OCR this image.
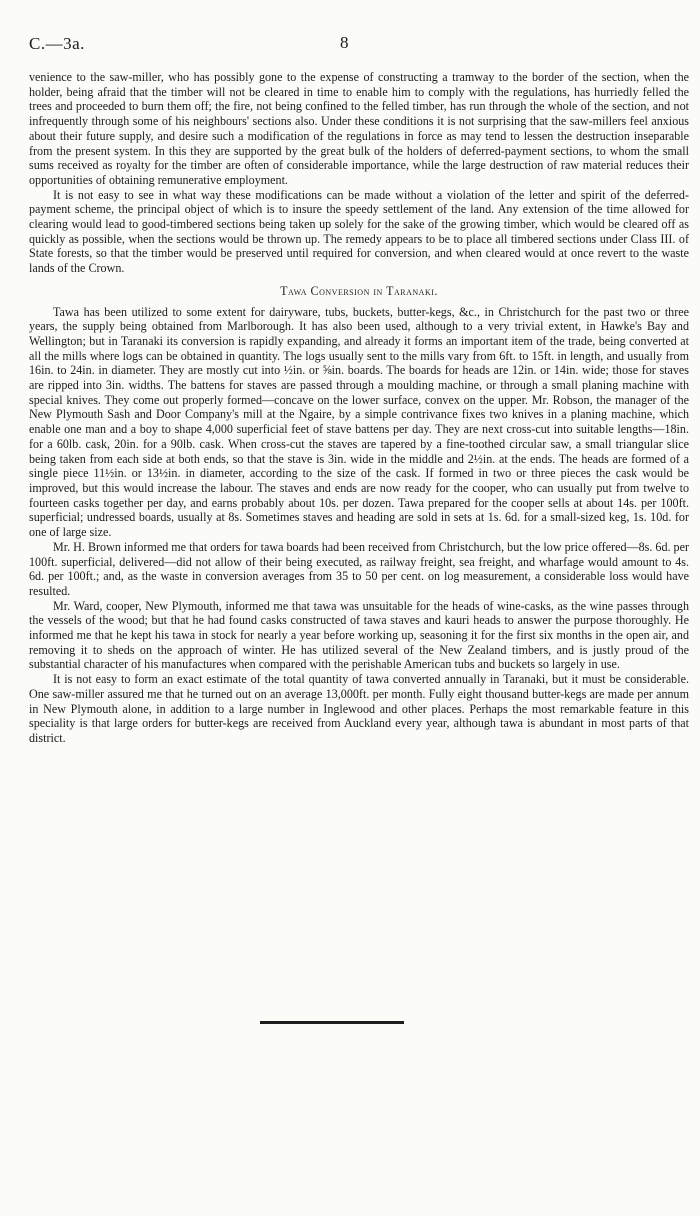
C.—3a.	8

venience to the saw-miller, who has possibly gone to the expense of constructing a tramway to the border of the section, when the holder, being afraid that the timber will not be cleared in time to enable him to comply with the regulations, has hurriedly felled the trees and proceeded to burn them off; the fire, not being confined to the felled timber, has run through the whole of the section, and not infrequently through some of his neighbours' sections also. Under these conditions it is not surprising that the saw-millers feel anxious about their future supply, and desire such a modification of the regulations in force as may tend to lessen the destruction inseparable from the present system. In this they are supported by the great bulk of the holders of deferred-payment sections, to whom the small sums received as royalty for the timber are often of considerable importance, while the large destruction of raw material reduces their opportunities of obtaining remunerative employment.

It is not easy to see in what way these modifications can be made without a violation of the letter and spirit of the deferred-payment scheme, the principal object of which is to insure the speedy settlement of the land. Any extension of the time allowed for clearing would lead to good-timbered sections being taken up solely for the sake of the growing timber, which would be cleared off as quickly as possible, when the sections would be thrown up. The remedy appears to be to place all timbered sections under Class III. of State forests, so that the timber would be preserved until required for conversion, and when cleared would at once revert to the waste lands of the Crown.

Tawa Conversion in Taranaki.

Tawa has been utilized to some extent for dairyware, tubs, buckets, butter-kegs, &c., in Christchurch for the past two or three years, the supply being obtained from Marlborough. It has also been used, although to a very trivial extent, in Hawke's Bay and Wellington; but in Taranaki its conversion is rapidly expanding, and already it forms an important item of the trade, being converted at all the mills where logs can be obtained in quantity. The logs usually sent to the mills vary from 6ft. to 15ft. in length, and usually from 16in. to 24in. in diameter. They are mostly cut into ½in. or ⅝in. boards. The boards for heads are 12in. or 14in. wide; those for staves are ripped into 3in. widths. The battens for staves are passed through a moulding machine, or through a small planing machine with special knives. They come out properly formed—concave on the lower surface, convex on the upper. Mr. Robson, the manager of the New Plymouth Sash and Door Company's mill at the Ngaire, by a simple contrivance fixes two knives in a planing machine, which enable one man and a boy to shape 4,000 superficial feet of stave battens per day. They are next cross-cut into suitable lengths—18in. for a 60lb. cask, 20in. for a 90lb. cask. When cross-cut the staves are tapered by a fine-toothed circular saw, a small triangular slice being taken from each side at both ends, so that the stave is 3in. wide in the middle and 2½in. at the ends. The heads are formed of a single piece 11½in. or 13½in. in diameter, according to the size of the cask. If formed in two or three pieces the cask would be improved, but this would increase the labour. The staves and ends are now ready for the cooper, who can usually put from twelve to fourteen casks together per day, and earns probably about 10s. per dozen. Tawa prepared for the cooper sells at about 14s. per 100ft. superficial; undressed boards, usually at 8s. Sometimes staves and heading are sold in sets at 1s. 6d. for a small-sized keg, 1s. 10d. for one of large size.

Mr. H. Brown informed me that orders for tawa boards had been received from Christchurch, but the low price offered—8s. 6d. per 100ft. superficial, delivered—did not allow of their being executed, as railway freight, sea freight, and wharfage would amount to 4s. 6d. per 100ft.; and, as the waste in conversion averages from 35 to 50 per cent. on log measurement, a considerable loss would have resulted.

Mr. Ward, cooper, New Plymouth, informed me that tawa was unsuitable for the heads of wine-casks, as the wine passes through the vessels of the wood; but that he had found casks constructed of tawa staves and kauri heads to answer the purpose thoroughly. He informed me that he kept his tawa in stock for nearly a year before working up, seasoning it for the first six months in the open air, and removing it to sheds on the approach of winter. He has utilized several of the New Zealand timbers, and is justly proud of the substantial character of his manufactures when compared with the perishable American tubs and buckets so largely in use.

It is not easy to form an exact estimate of the total quantity of tawa converted annually in Taranaki, but it must be considerable. One saw-miller assured me that he turned out on an average 13,000ft. per month. Fully eight thousand butter-kegs are made per annum in New Plymouth alone, in addition to a large number in Inglewood and other places. Perhaps the most remarkable feature in this speciality is that large orders for butter-kegs are received from Auckland every year, although tawa is abundant in most parts of that district.
